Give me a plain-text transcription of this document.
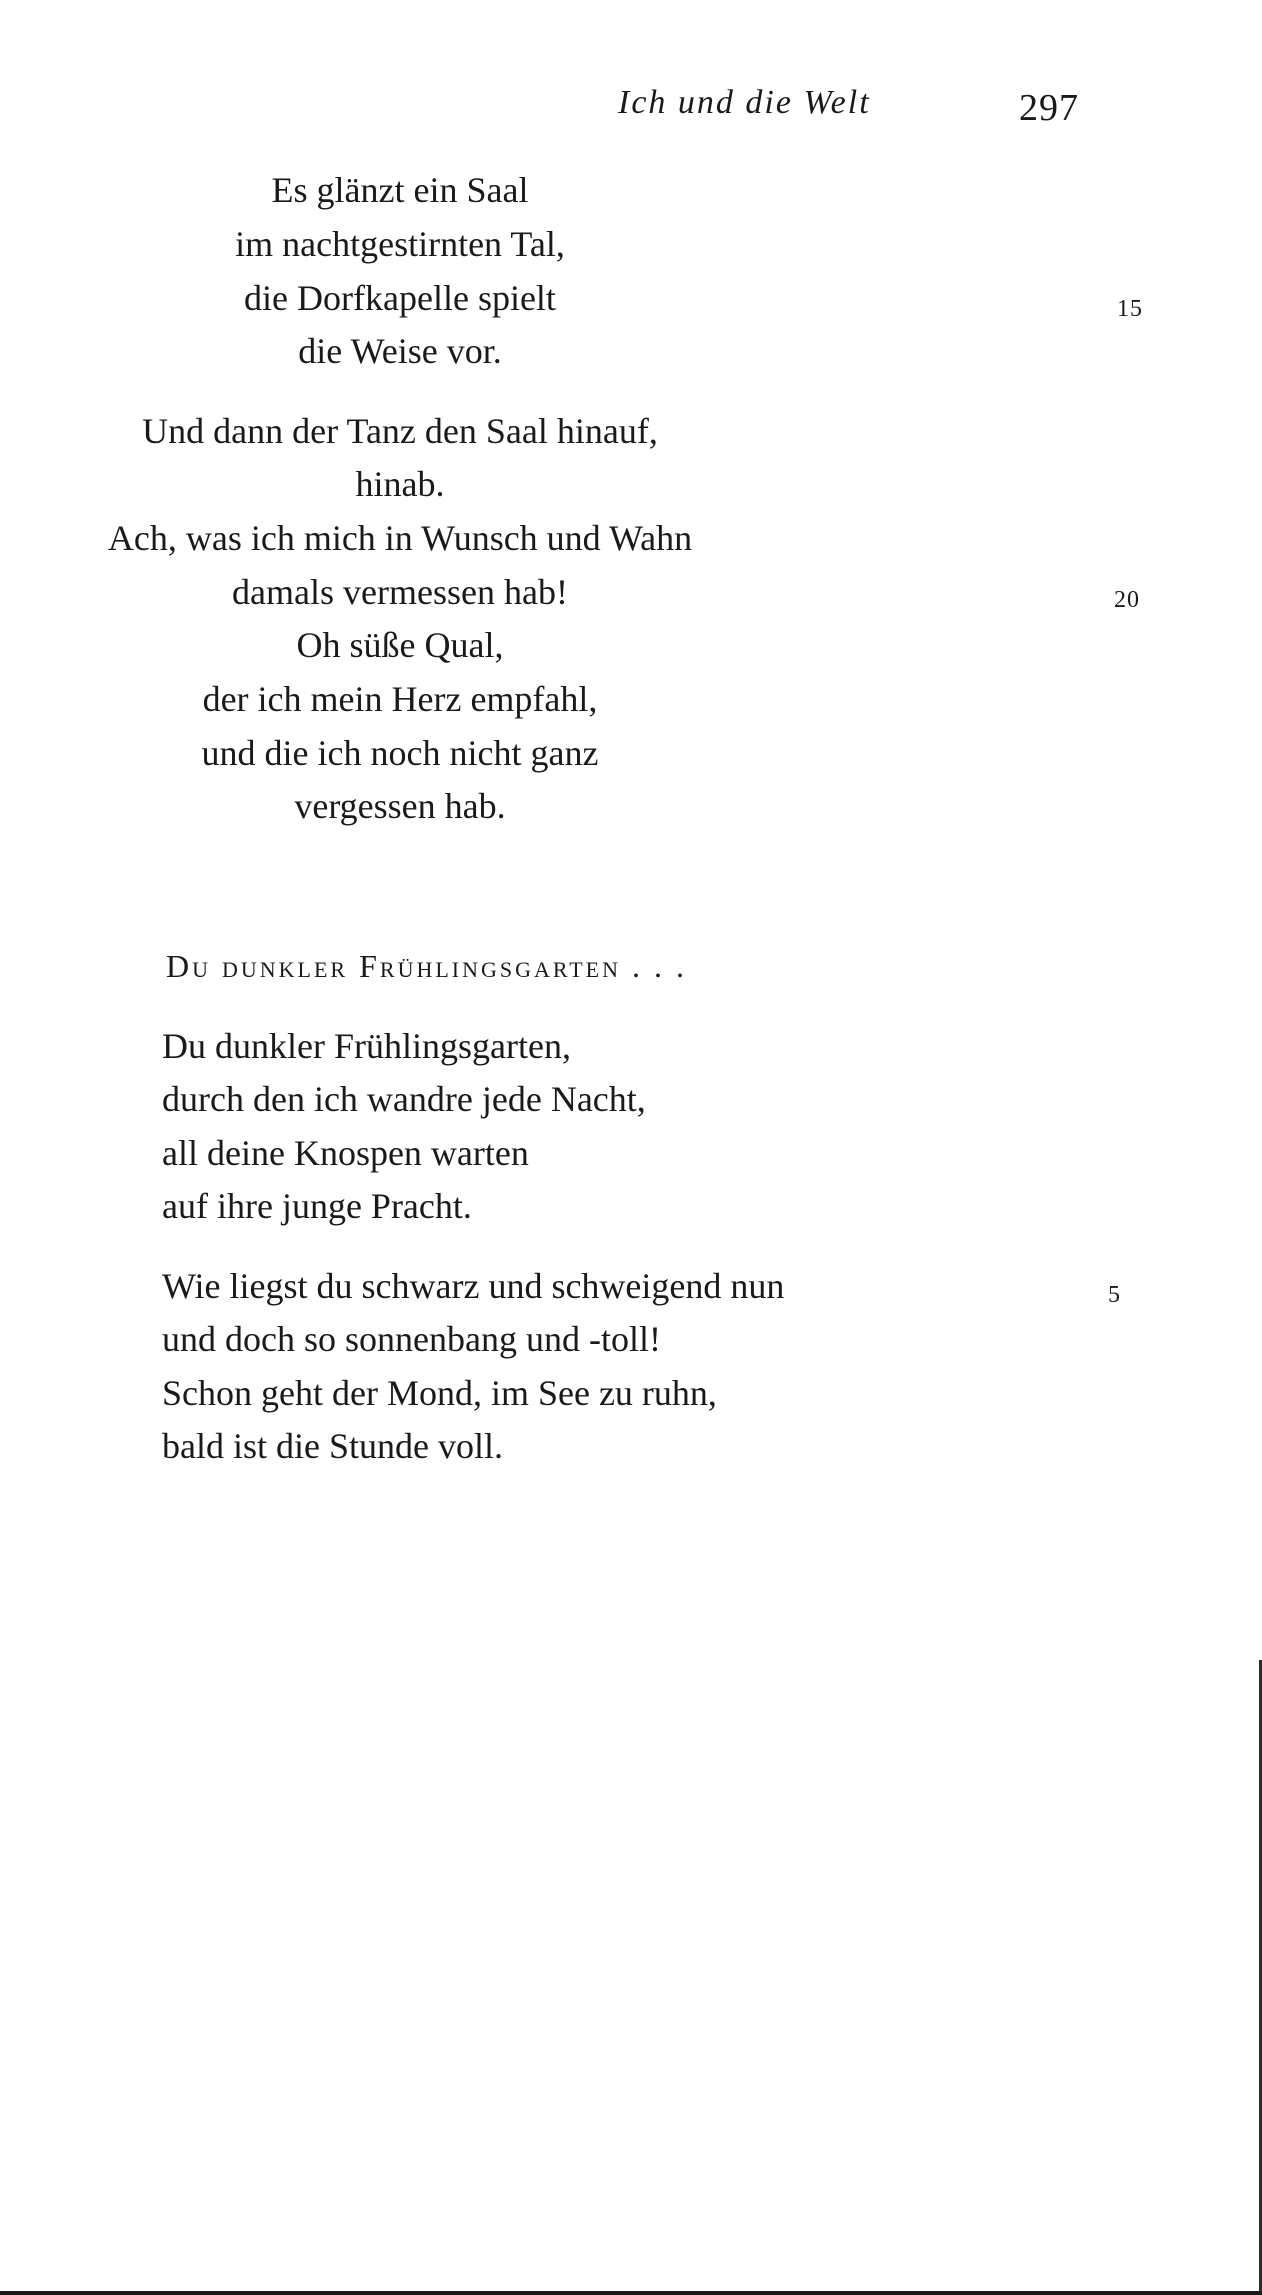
Ich und die Welt	297
Es glänzt ein Saal
im nachtgestirnten Tal,
die Dorfkapelle spielt
die Weise vor.
15
Und dann der Tanz den Saal hinauf,
hinab.
Ach, was ich mich in Wunsch und Wahn
damals vermessen hab!
Oh süße Qual,
der ich mein Herz empfahl,
und die ich noch nicht ganz
vergessen hab.
20
Du dunkler Frühlingsgarten . . .
Du dunkler Frühlingsgarten,
durch den ich wandre jede Nacht,
all deine Knospen warten
auf ihre junge Pracht.
Wie liegst du schwarz und schweigend nun
und doch so sonnenbang und -toll!
Schon geht der Mond, im See zu ruhn,
bald ist die Stunde voll.
5
